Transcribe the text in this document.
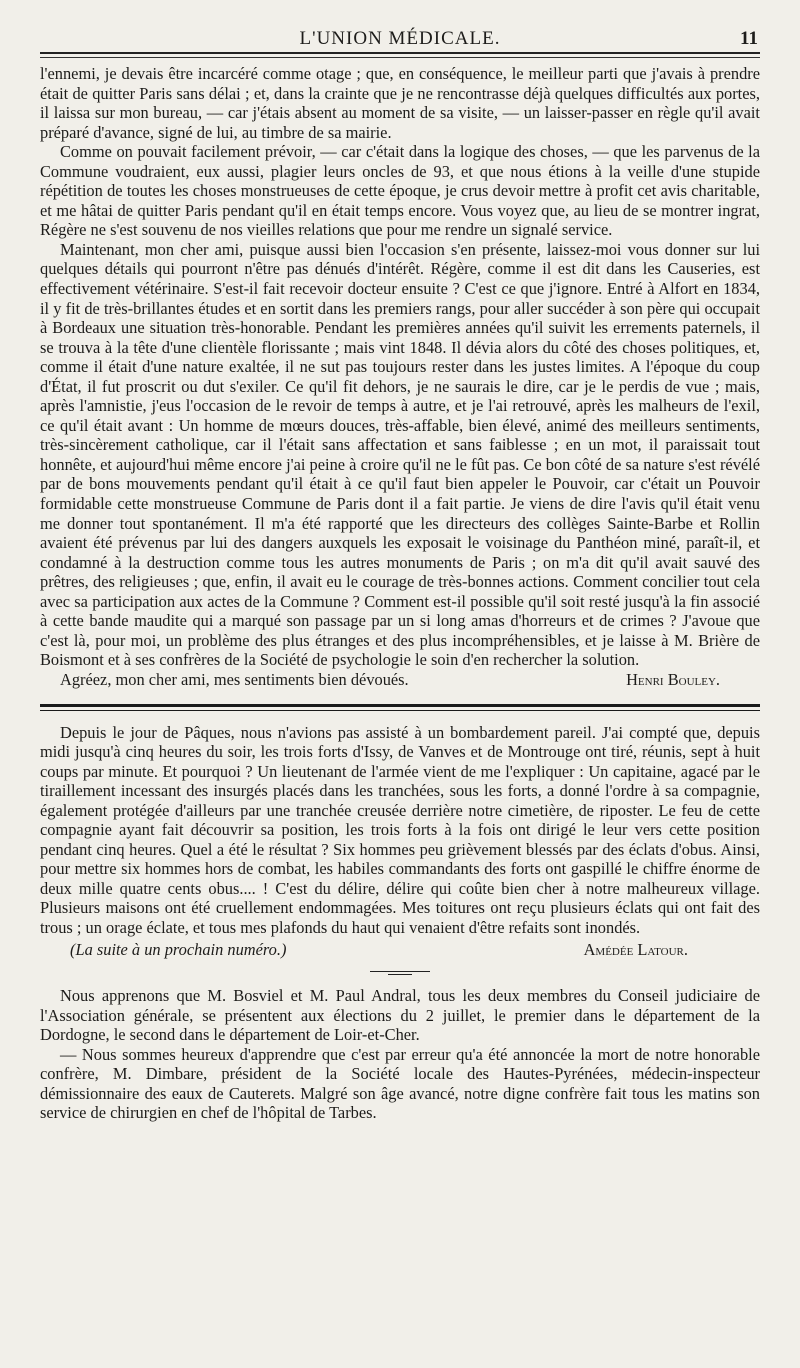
L'UNION MÉDICALE.	11

l'ennemi, je devais être incarcéré comme otage ; que, en conséquence, le meilleur parti que j'avais à prendre était de quitter Paris sans délai ; et, dans la crainte que je ne rencontrasse déjà quelques difficultés aux portes, il laissa sur mon bureau, — car j'étais absent au moment de sa visite, — un laisser-passer en règle qu'il avait préparé d'avance, signé de lui, au timbre de sa mairie.

Comme on pouvait facilement prévoir, — car c'était dans la logique des choses, — que les parvenus de la Commune voudraient, eux aussi, plagier leurs oncles de 93, et que nous étions à la veille d'une stupide répétition de toutes les choses monstrueuses de cette époque, je crus devoir mettre à profit cet avis charitable, et me hâtai de quitter Paris pendant qu'il en était temps encore. Vous voyez que, au lieu de se montrer ingrat, Régère ne s'est souvenu de nos vieilles relations que pour me rendre un signalé service.

Maintenant, mon cher ami, puisque aussi bien l'occasion s'en présente, laissez-moi vous donner sur lui quelques détails qui pourront n'être pas dénués d'intérêt. Régère, comme il est dit dans les Causeries, est effectivement vétérinaire. S'est-il fait recevoir docteur ensuite ? C'est ce que j'ignore. Entré à Alfort en 1834, il y fit de très-brillantes études et en sortit dans les premiers rangs, pour aller succéder à son père qui occupait à Bordeaux une situation très-honorable. Pendant les premières années qu'il suivit les errements paternels, il se trouva à la tête d'une clientèle florissante ; mais vint 1848. Il dévia alors du côté des choses politiques, et, comme il était d'une nature exaltée, il ne sut pas toujours rester dans les justes limites. A l'époque du coup d'État, il fut proscrit ou dut s'exiler. Ce qu'il fit dehors, je ne saurais le dire, car je le perdis de vue ; mais, après l'amnistie, j'eus l'occasion de le revoir de temps à autre, et je l'ai retrouvé, après les malheurs de l'exil, ce qu'il était avant : Un homme de mœurs douces, très-affable, bien élevé, animé des meilleurs sentiments, très-sincèrement catholique, car il l'était sans affectation et sans faiblesse ; en un mot, il paraissait tout honnête, et aujourd'hui même encore j'ai peine à croire qu'il ne le fût pas. Ce bon côté de sa nature s'est révélé par de bons mouvements pendant qu'il était à ce qu'il faut bien appeler le Pouvoir, car c'était un Pouvoir formidable cette monstrueuse Commune de Paris dont il a fait partie. Je viens de dire l'avis qu'il était venu me donner tout spontanément. Il m'a été rapporté que les directeurs des collèges Sainte-Barbe et Rollin avaient été prévenus par lui des dangers auxquels les exposait le voisinage du Panthéon miné, paraît-il, et condamné à la destruction comme tous les autres monuments de Paris ; on m'a dit qu'il avait sauvé des prêtres, des religieuses ; que, enfin, il avait eu le courage de très-bonnes actions. Comment concilier tout cela avec sa participation aux actes de la Commune ? Comment est-il possible qu'il soit resté jusqu'à la fin associé à cette bande maudite qui a marqué son passage par un si long amas d'horreurs et de crimes ? J'avoue que c'est là, pour moi, un problème des plus étranges et des plus incompréhensibles, et je laisse à M. Brière de Boismont et à ses confrères de la Société de psychologie le soin d'en rechercher la solution.

Agréez, mon cher ami, mes sentiments bien dévoués.	Henri Bouley.

Depuis le jour de Pâques, nous n'avions pas assisté à un bombardement pareil. J'ai compté que, depuis midi jusqu'à cinq heures du soir, les trois forts d'Issy, de Vanves et de Montrouge ont tiré, réunis, sept à huit coups par minute. Et pourquoi ? Un lieutenant de l'armée vient de me l'expliquer : Un capitaine, agacé par le tiraillement incessant des insurgés placés dans les tranchées, sous les forts, a donné l'ordre à sa compagnie, également protégée d'ailleurs par une tranchée creusée derrière notre cimetière, de riposter. Le feu de cette compagnie ayant fait découvrir sa position, les trois forts à la fois ont dirigé le leur vers cette position pendant cinq heures. Quel a été le résultat ? Six hommes peu grièvement blessés par des éclats d'obus. Ainsi, pour mettre six hommes hors de combat, les habiles commandants des forts ont gaspillé le chiffre énorme de deux mille quatre cents obus.... ! C'est du délire, délire qui coûte bien cher à notre malheureux village. Plusieurs maisons ont été cruellement endommagées. Mes toitures ont reçu plusieurs éclats qui ont fait des trous ; un orage éclate, et tous mes plafonds du haut qui venaient d'être refaits sont inondés.

(La suite à un prochain numéro.)	Amédée Latour.

Nous apprenons que M. Bosviel et M. Paul Andral, tous les deux membres du Conseil judiciaire de l'Association générale, se présentent aux élections du 2 juillet, le premier dans le département de la Dordogne, le second dans le département de Loir-et-Cher.

— Nous sommes heureux d'apprendre que c'est par erreur qu'a été annoncée la mort de notre honorable confrère, M. Dimbare, président de la Société locale des Hautes-Pyrénées, médecin-inspecteur démissionnaire des eaux de Cauterets. Malgré son âge avancé, notre digne confrère fait tous les matins son service de chirurgien en chef de l'hôpital de Tarbes.
